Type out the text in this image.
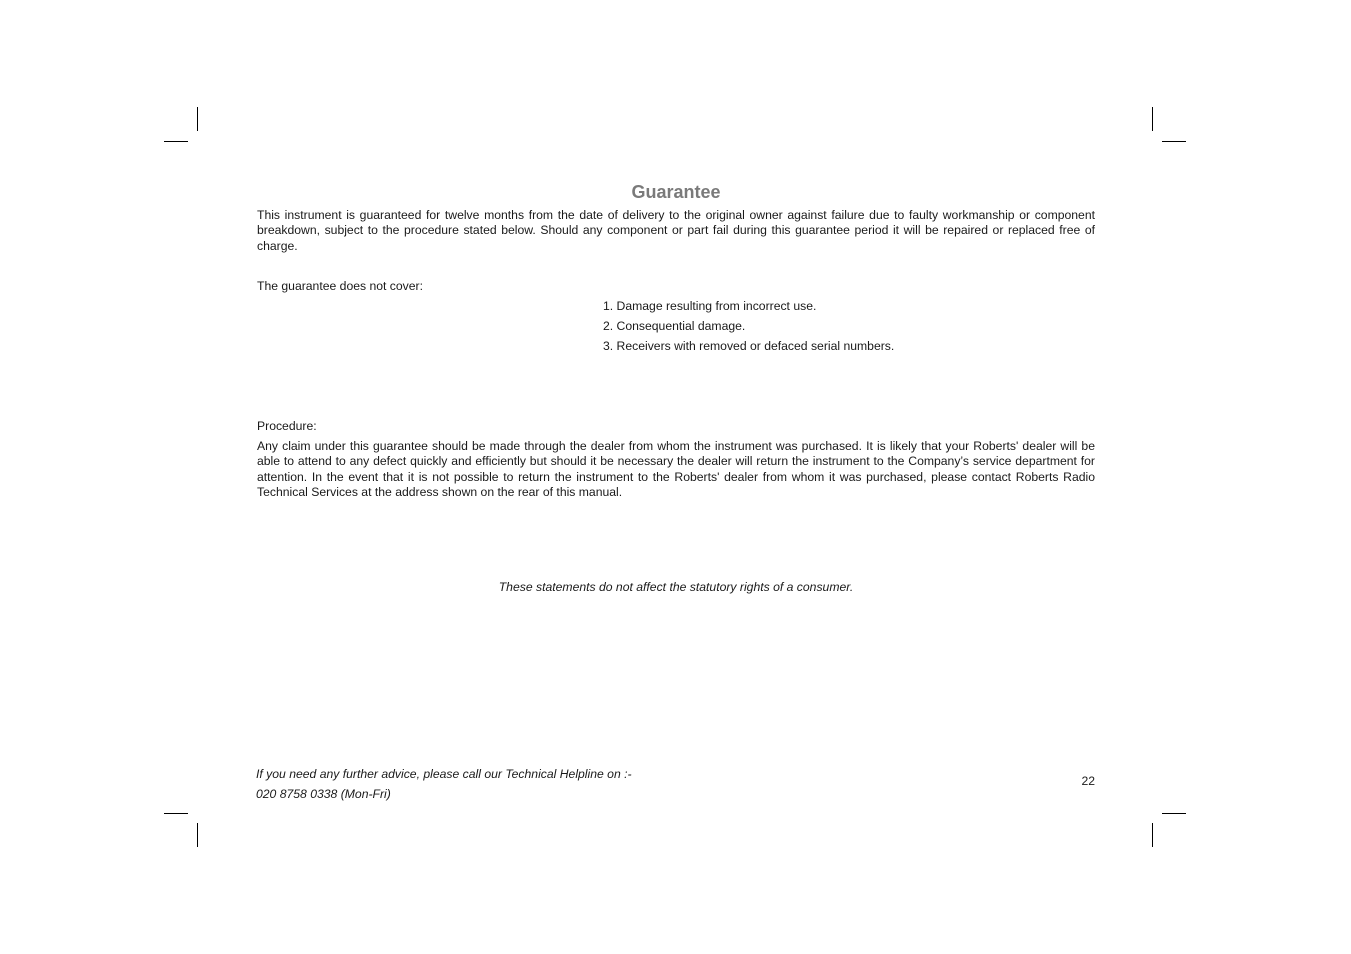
Guarantee

This instrument is guaranteed for twelve months from the date of delivery to the original owner against failure due to faulty workmanship or component breakdown, subject to the procedure stated below. Should any component or part fail during this guarantee period it will be repaired or replaced free of charge.

The guarantee does not cover:

1. Damage resulting from incorrect use.
2. Consequential damage.
3. Receivers with removed or defaced serial numbers.

Procedure:

Any claim under this guarantee should be made through the dealer from whom the instrument was purchased. It is likely that your Roberts' dealer will be able to attend to any defect quickly and efficiently but should it be necessary the dealer will return the instrument to the Company’s service department for attention. In the event that it is not possible to return the instrument to the Roberts' dealer from whom it was purchased, please contact Roberts Radio Technical Services at the address shown on the rear of this manual.

These statements do not affect the statutory rights of a consumer.

If you need any further advice, please call our Technical Helpline on :-

020 8758 0338 (Mon-Fri)

22
